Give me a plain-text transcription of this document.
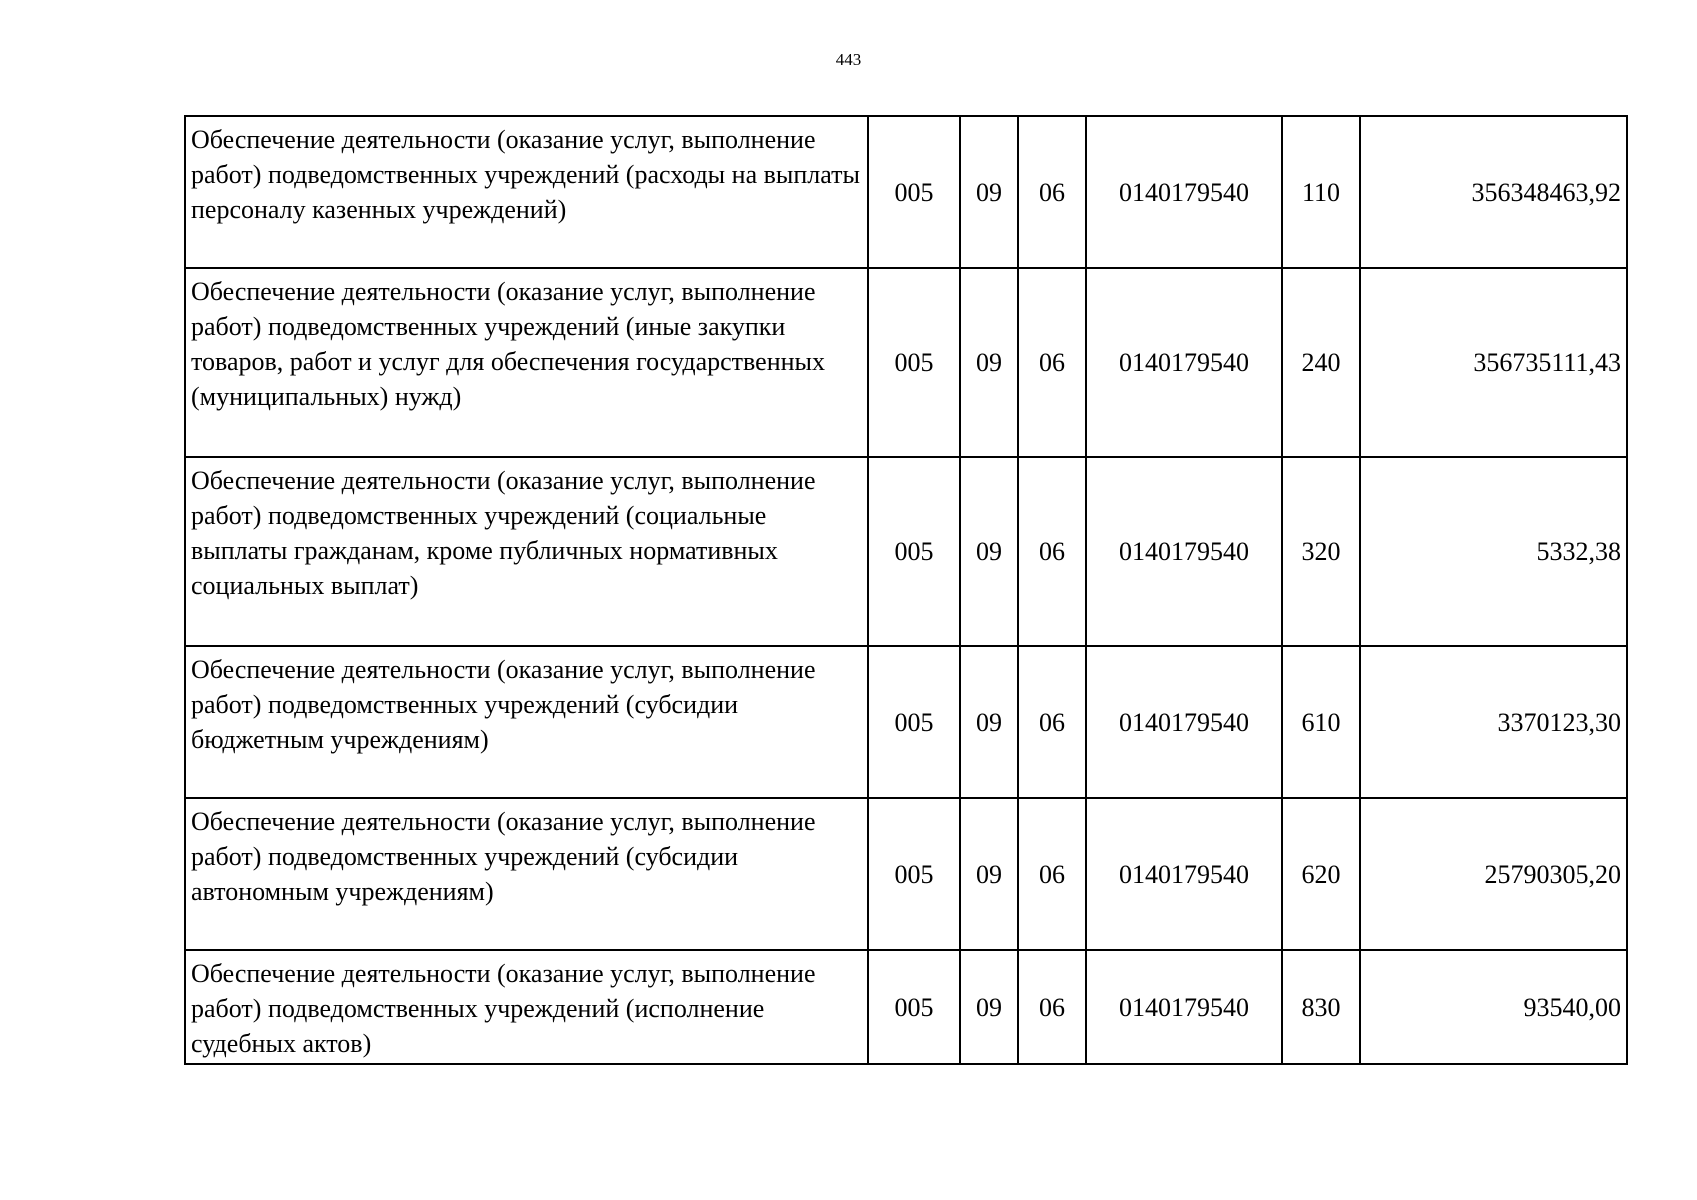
443
Обеспечение деятельности (оказание услуг, выполнение работ) подведомственных учреждений (расходы на выплаты персоналу казенных учреждений)	005	09	06	0140179540	110	356348463,92
Обеспечение деятельности (оказание услуг, выполнение работ) подведомственных учреждений (иные закупки товаров, работ и услуг для обеспечения государственных (муниципальных) нужд)	005	09	06	0140179540	240	356735111,43
Обеспечение деятельности (оказание услуг, выполнение работ) подведомственных учреждений (социальные выплаты гражданам, кроме публичных нормативных социальных выплат)	005	09	06	0140179540	320	5332,38
Обеспечение деятельности (оказание услуг, выполнение работ) подведомственных учреждений (субсидии бюджетным учреждениям)	005	09	06	0140179540	610	3370123,30
Обеспечение деятельности (оказание услуг, выполнение работ) подведомственных учреждений (субсидии автономным учреждениям)	005	09	06	0140179540	620	25790305,20
Обеспечение деятельности (оказание услуг, выполнение работ) подведомственных учреждений (исполнение судебных актов)	005	09	06	0140179540	830	93540,00
